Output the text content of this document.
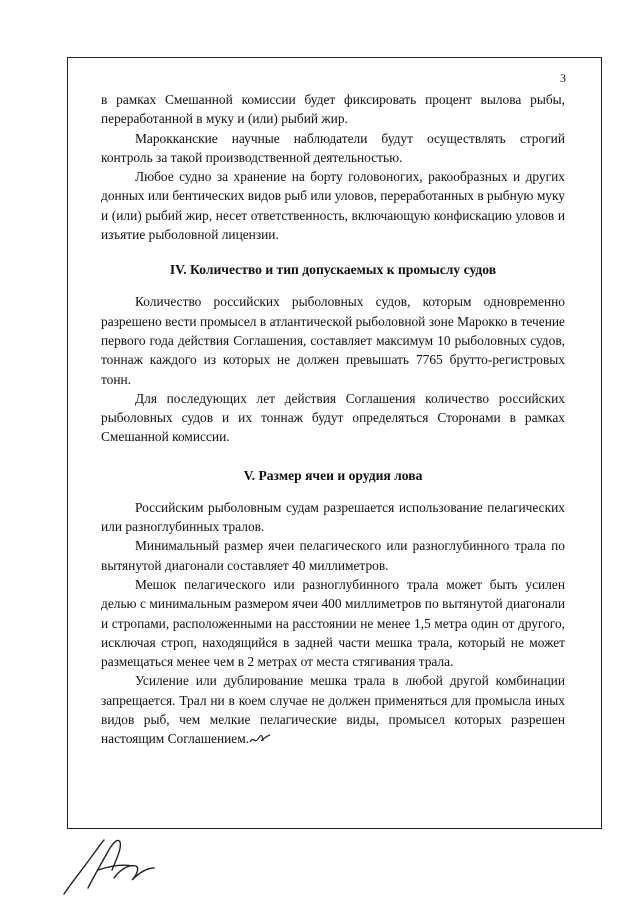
3

в рамках Смешанной комиссии будет фиксировать процент вылова рыбы, переработанной в муку и (или) рыбий жир.

Марокканские научные наблюдатели будут осуществлять строгий контроль за такой производственной деятельностью.

Любое судно за хранение на борту головоногих, ракообразных и других донных или бентических видов рыб или уловов, переработанных в рыбную муку и (или) рыбий жир, несет ответственность, включающую конфискацию уловов и изъятие рыболовной лицензии.

IV. Количество и тип допускаемых к промыслу судов

Количество российских рыболовных судов, которым одновременно разрешено вести промысел в атлантической рыболовной зоне Марокко в течение первого года действия Соглашения, составляет максимум 10 рыболовных судов, тоннаж каждого из которых не должен превышать 7765 брутто-регистровых тонн.

Для последующих лет действия Соглашения количество российских рыболовных судов и их тоннаж будут определяться Сторонами в рамках Смешанной комиссии.

V. Размер ячеи и орудия лова

Российским рыболовным судам разрешается использование пелагических или разноглубинных тралов.

Минимальный размер ячеи пелагического или разноглубинного трала по вытянутой диагонали составляет 40 миллиметров.

Мешок пелагического или разноглубинного трала может быть усилен делью с минимальным размером ячеи 400 миллиметров по вытянутой диагонали и стропами, расположенными на расстоянии не менее 1,5 метра один от другого, исключая строп, находящийся в задней части мешка трала, который не может размещаться менее чем в 2 метрах от места стягивания трала.

Усиление или дублирование мешка трала в любой другой комбинации запрещается. Трал ни в коем случае не должен применяться для промысла иных видов рыб, чем мелкие пелагические виды, промысел которых разрешен настоящим Соглашением.
